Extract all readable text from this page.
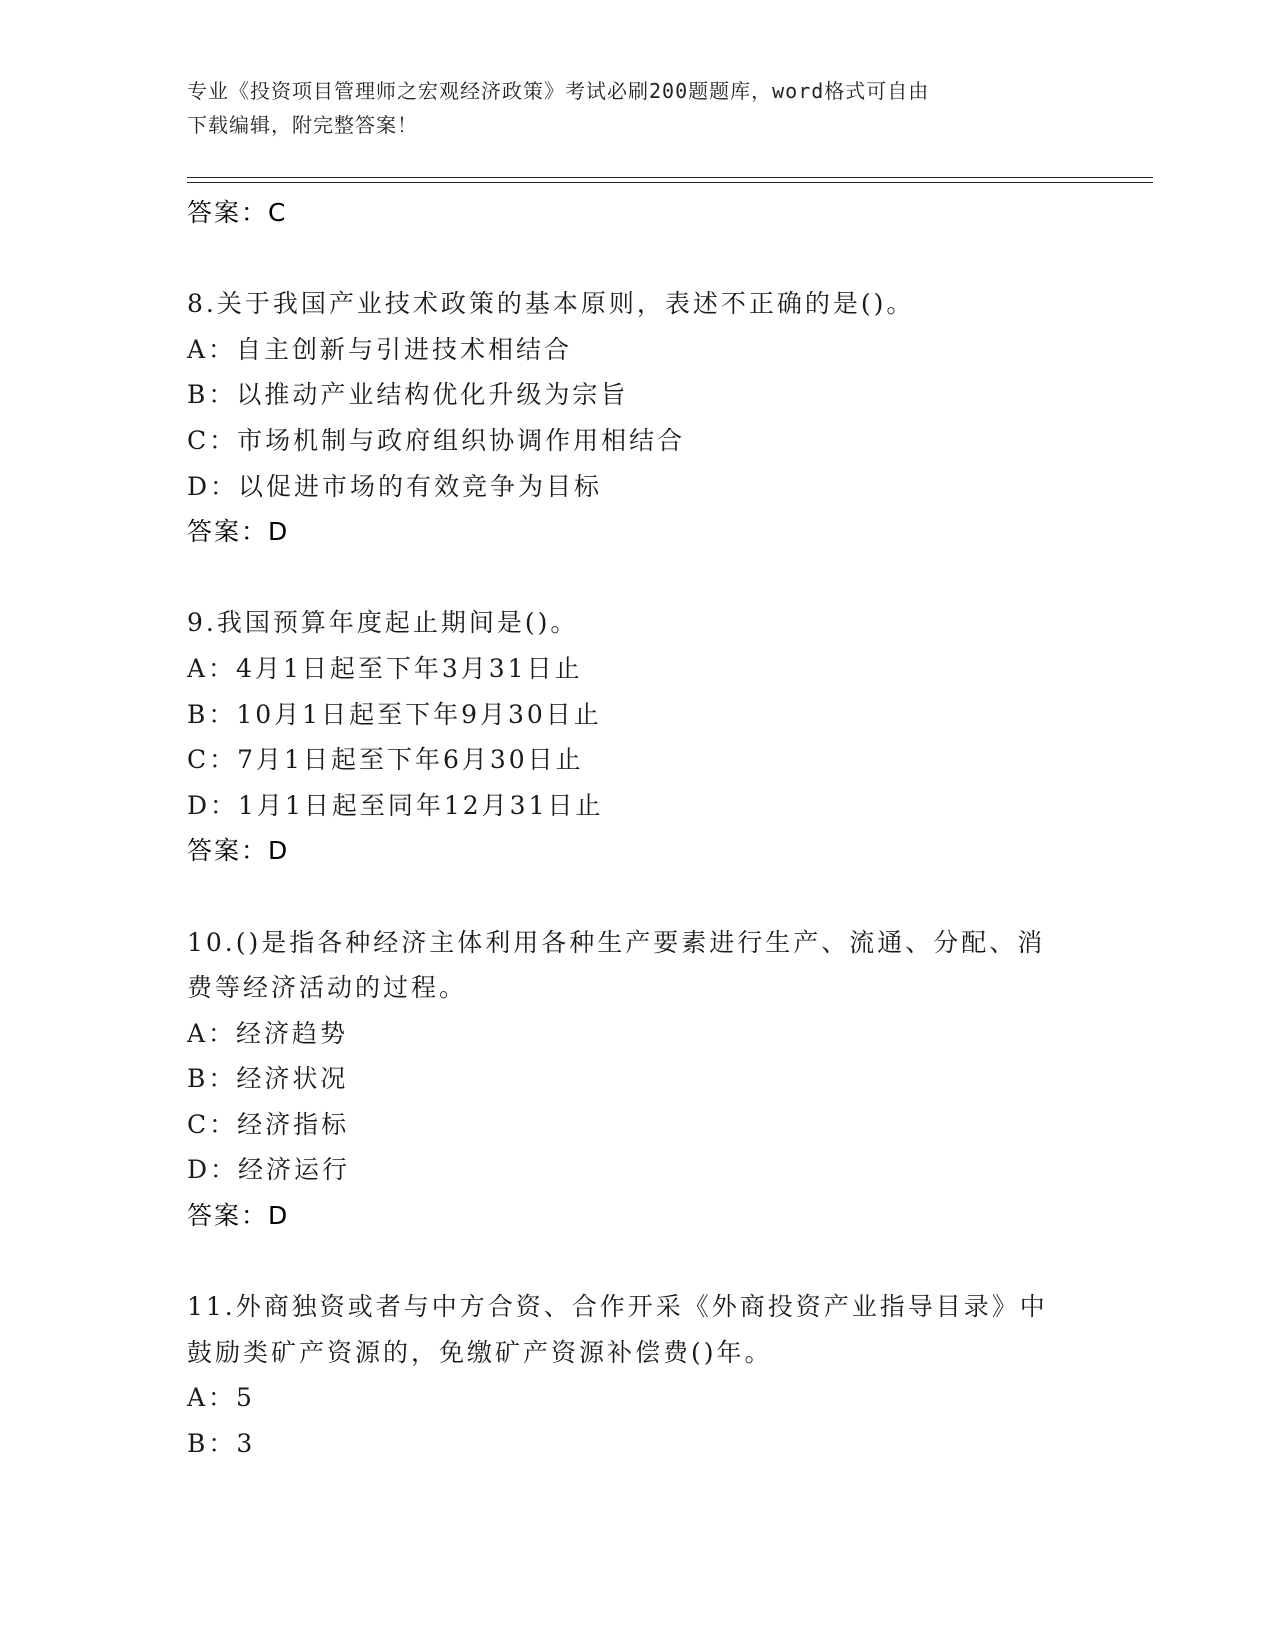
专业《投资项目管理师之宏观经济政策》考试必刷200题题库，word格式可自由
下载编辑，附完整答案！
答案：C
8.关于我国产业技术政策的基本原则，表述不正确的是()。
A：自主创新与引进技术相结合
B：以推动产业结构优化升级为宗旨
C：市场机制与政府组织协调作用相结合
D：以促进市场的有效竞争为目标
答案：D
9.我国预算年度起止期间是()。
A：4月1日起至下年3月31日止
B：10月1日起至下年9月30日止
C：7月1日起至下年6月30日止
D：1月1日起至同年12月31日止
答案：D
10.()是指各种经济主体利用各种生产要素进行生产、流通、分配、消
费等经济活动的过程。
A：经济趋势
B：经济状况
C：经济指标
D：经济运行
答案：D
11.外商独资或者与中方合资、合作开采《外商投资产业指导目录》中
鼓励类矿产资源的，免缴矿产资源补偿费()年。
A：5
B：3
